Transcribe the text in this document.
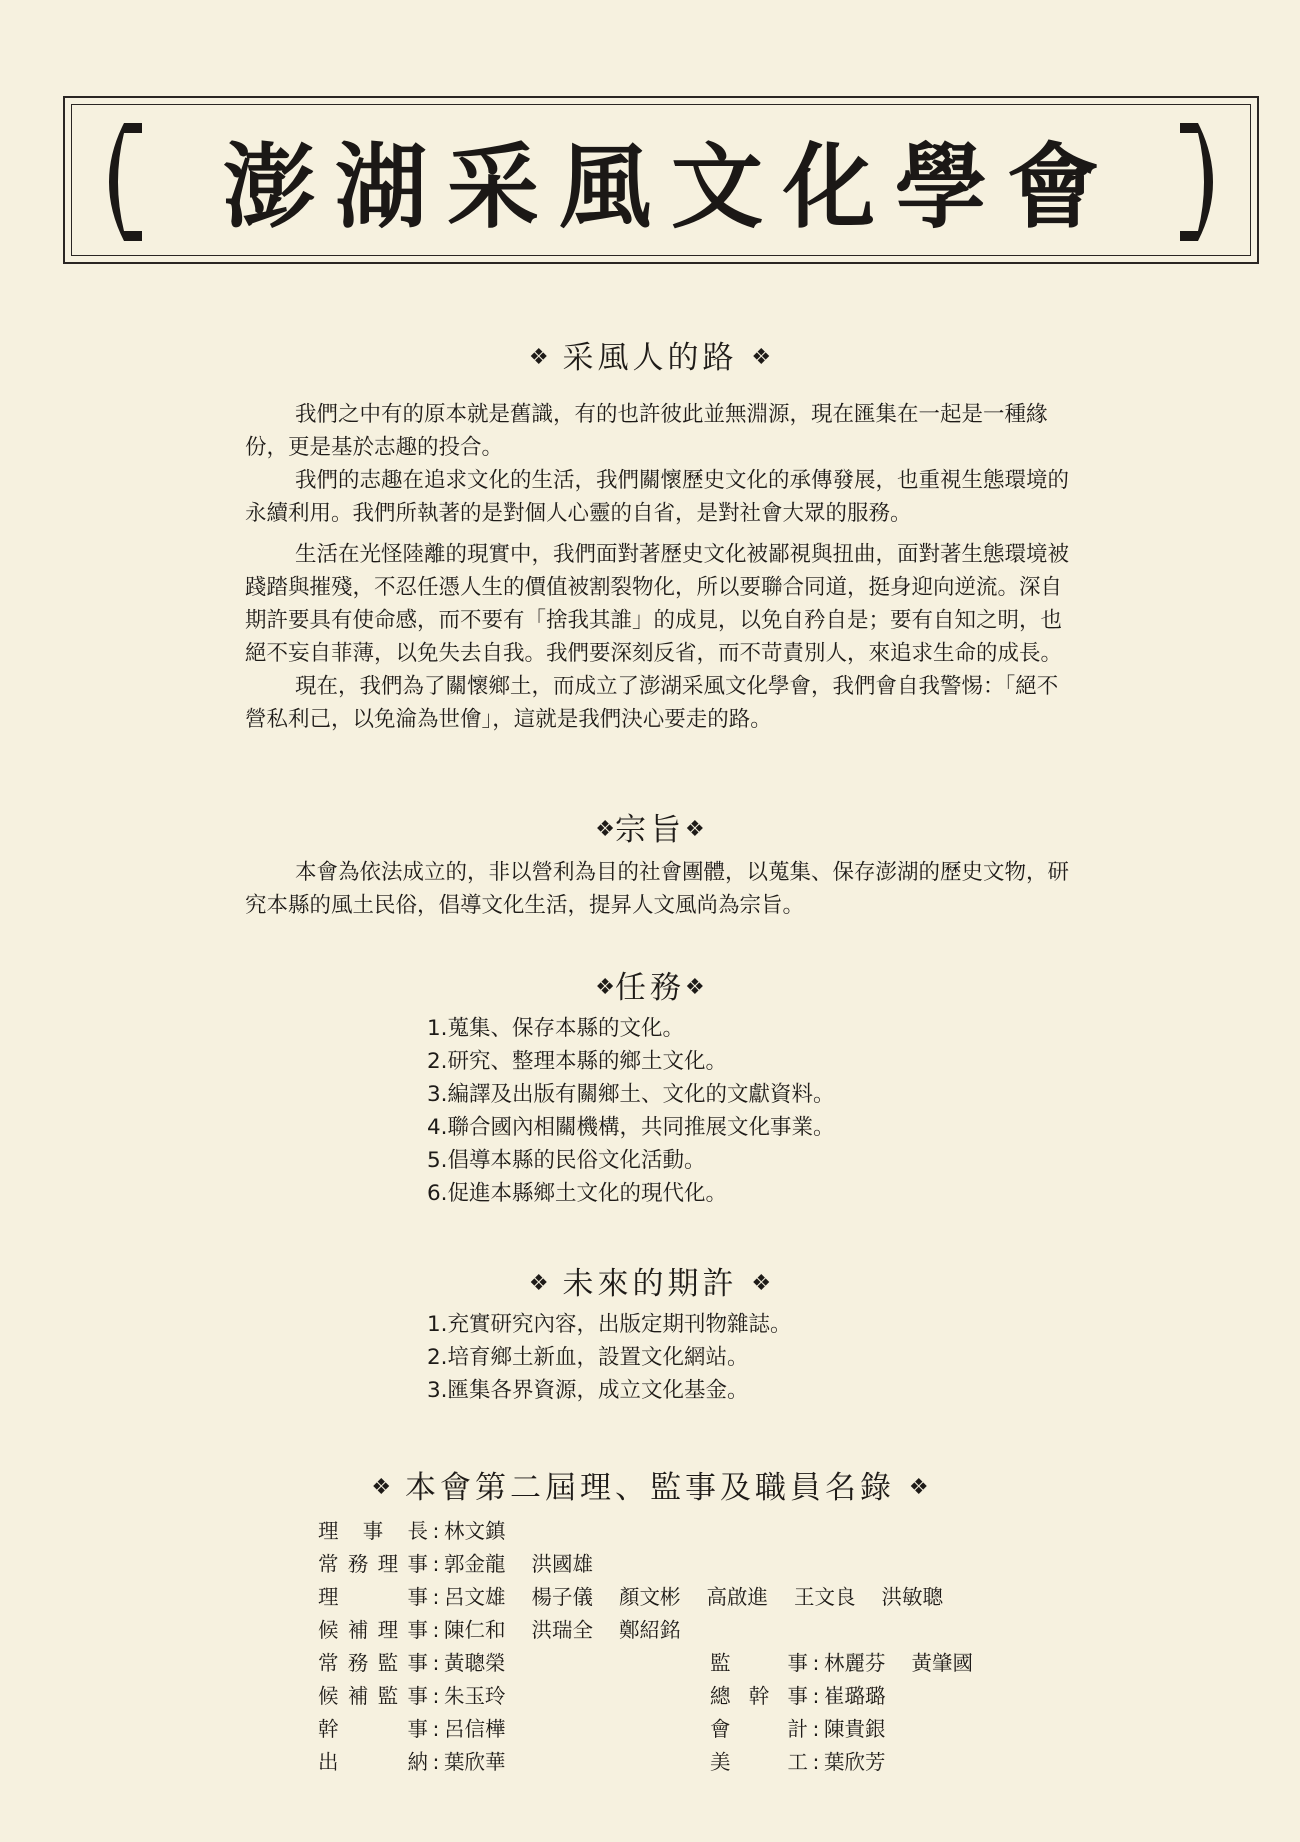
澎湖采風文化學會
❖ 采風人的路 ❖

我們之中有的原本就是舊識，有的也許彼此並無淵源，現在匯集在一起是一種緣份，更是基於志趣的投合。

我們的志趣在追求文化的生活，我們關懷歷史文化的承傳發展，也重視生態環境的永續利用。我們所執著的是對個人心靈的自省，是對社會大眾的服務。

生活在光怪陸離的現實中，我們面對著歷史文化被鄙視與扭曲，面對著生態環境被踐踏與摧殘，不忍任憑人生的價值被割裂物化，所以要聯合同道，挺身迎向逆流。深自期許要具有使命感，而不要有「捨我其誰」的成見，以免自矜自是；要有自知之明，也絕不妄自菲薄，以免失去自我。我們要深刻反省，而不苛責別人，來追求生命的成長。

現在，我們為了關懷鄉土，而成立了澎湖采風文化學會，我們會自我警惕：「絕不營私利己，以免淪為世儈」，這就是我們決心要走的路。

❖宗旨❖

本會為依法成立的，非以營利為目的社會團體，以蒐集、保存澎湖的歷史文物，研究本縣的風土民俗，倡導文化生活，提昇人文風尚為宗旨。

❖任務❖
1.蒐集、保存本縣的文化。
2.研究、整理本縣的鄉土文化。
3.編譯及出版有關鄉土、文化的文獻資料。
4.聯合國內相關機構，共同推展文化事業。
5.倡導本縣的民俗文化活動。
6.促進本縣鄉土文化的現代化。
❖ 未來的期許 ❖
1.充實研究內容，出版定期刊物雜誌。
2.培育鄉土新血，設置文化網站。
3.匯集各界資源，成立文化基金。
❖ 本會第二屆理、監事及職員名錄 ❖
理事長 : 林文鎮
常務理事 : 郭金龍 洪國雄
理事 : 呂文雄 楊子儀 顏文彬 高啟進 王文良 洪敏聰
候補理事 : 陳仁和 洪瑞全 鄭紹銘
常務監事 : 黃聰榮
候補監事 : 朱玉玲
幹事 : 呂信樺
出納 : 葉欣華
監事 : 林麗芬 黃肇國
總幹事 : 崔璐璐
會計 : 陳貴銀
美工 : 葉欣芳
